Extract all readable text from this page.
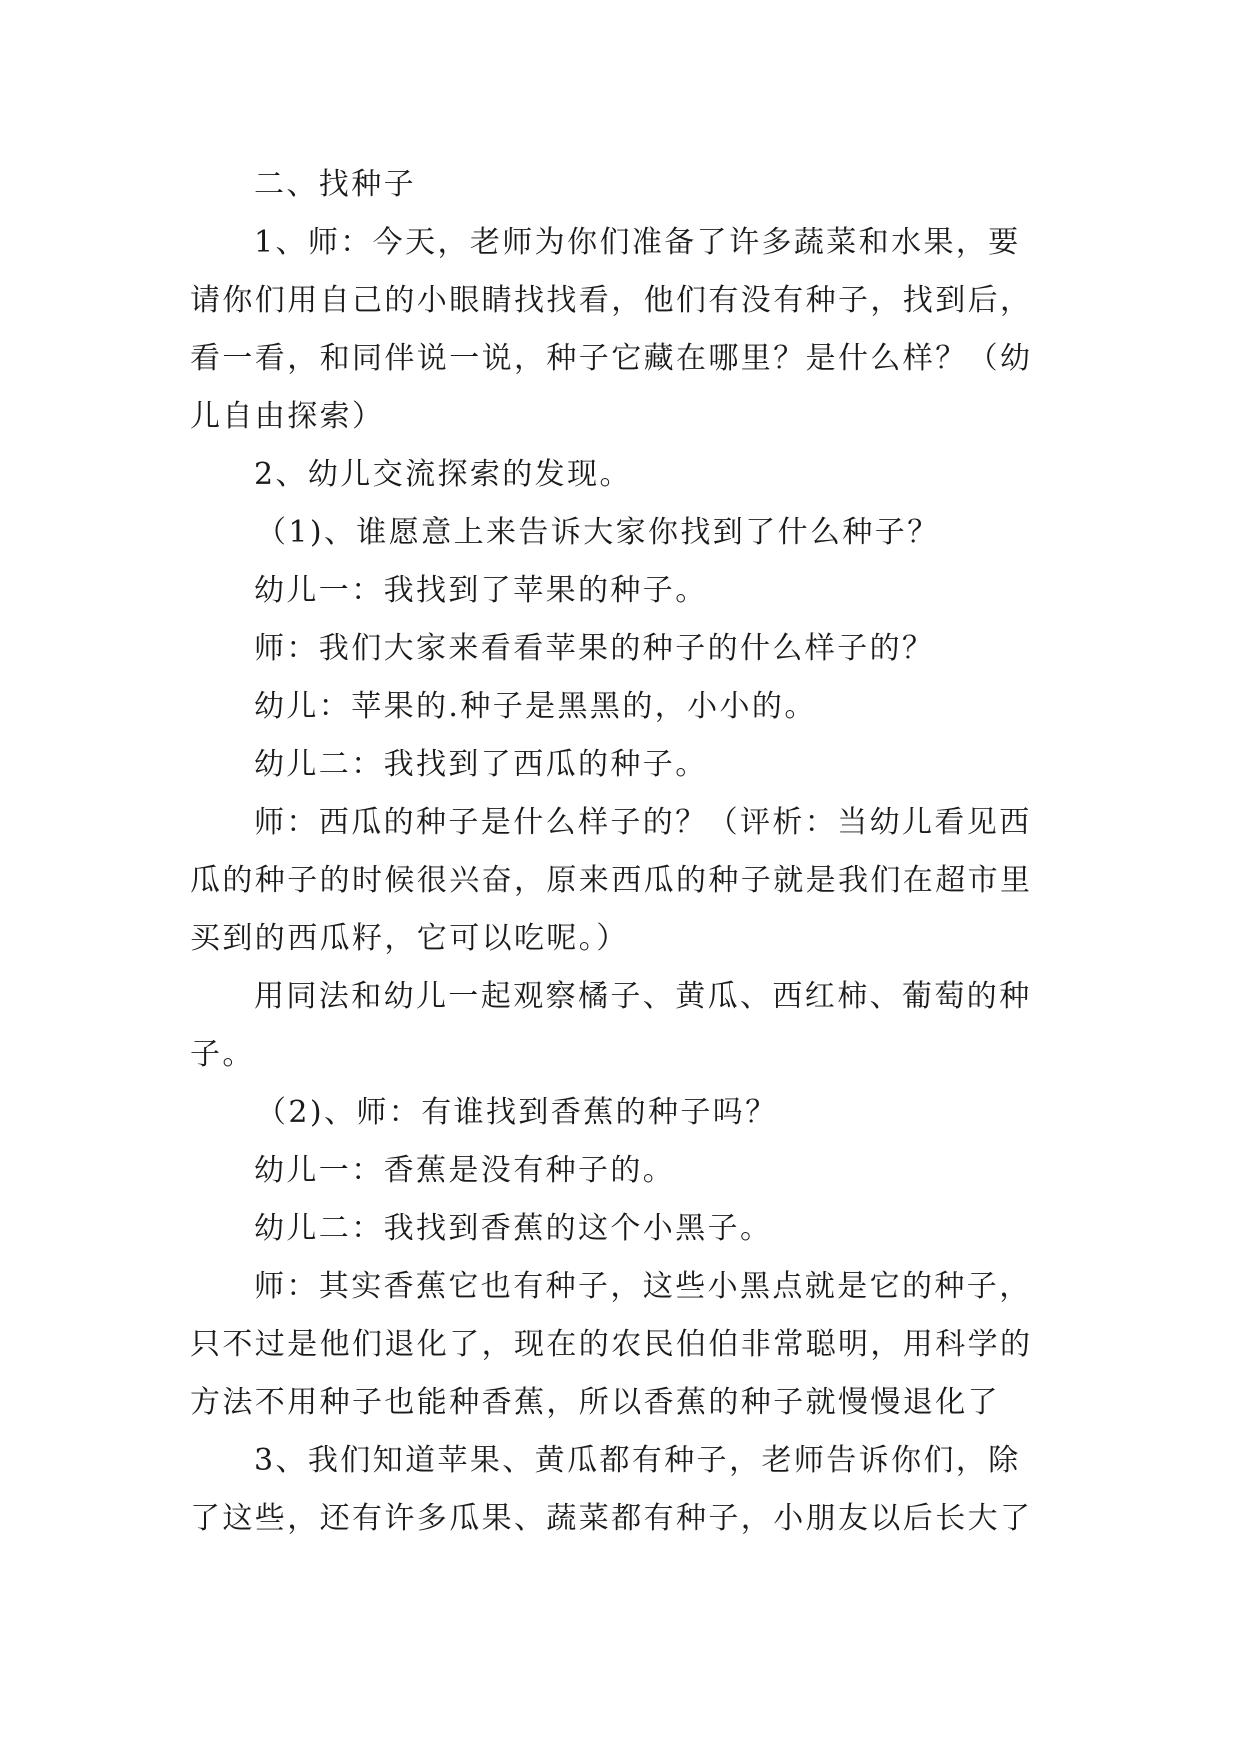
二、找种子
1、师：今天，老师为你们准备了许多蔬菜和水果，要
请你们用自己的小眼睛找找看，他们有没有种子，找到后，
看一看，和同伴说一说，种子它藏在哪里？是什么样？（幼
儿自由探索）
2、幼儿交流探索的发现。
（1)、谁愿意上来告诉大家你找到了什么种子？
幼儿一：我找到了苹果的种子。
师：我们大家来看看苹果的种子的什么样子的？
幼儿：苹果的.种子是黑黑的，小小的。
幼儿二：我找到了西瓜的种子。
师：西瓜的种子是什么样子的？（评析：当幼儿看见西
瓜的种子的时候很兴奋，原来西瓜的种子就是我们在超市里
买到的西瓜籽，它可以吃呢。）
用同法和幼儿一起观察橘子、黄瓜、西红柿、葡萄的种
子。
（2)、师：有谁找到香蕉的种子吗？
幼儿一：香蕉是没有种子的。
幼儿二：我找到香蕉的这个小黑子。
师：其实香蕉它也有种子，这些小黑点就是它的种子，
只不过是他们退化了，现在的农民伯伯非常聪明，用科学的
方法不用种子也能种香蕉，所以香蕉的种子就慢慢退化了
3、我们知道苹果、黄瓜都有种子，老师告诉你们，除
了这些，还有许多瓜果、蔬菜都有种子，小朋友以后长大了
